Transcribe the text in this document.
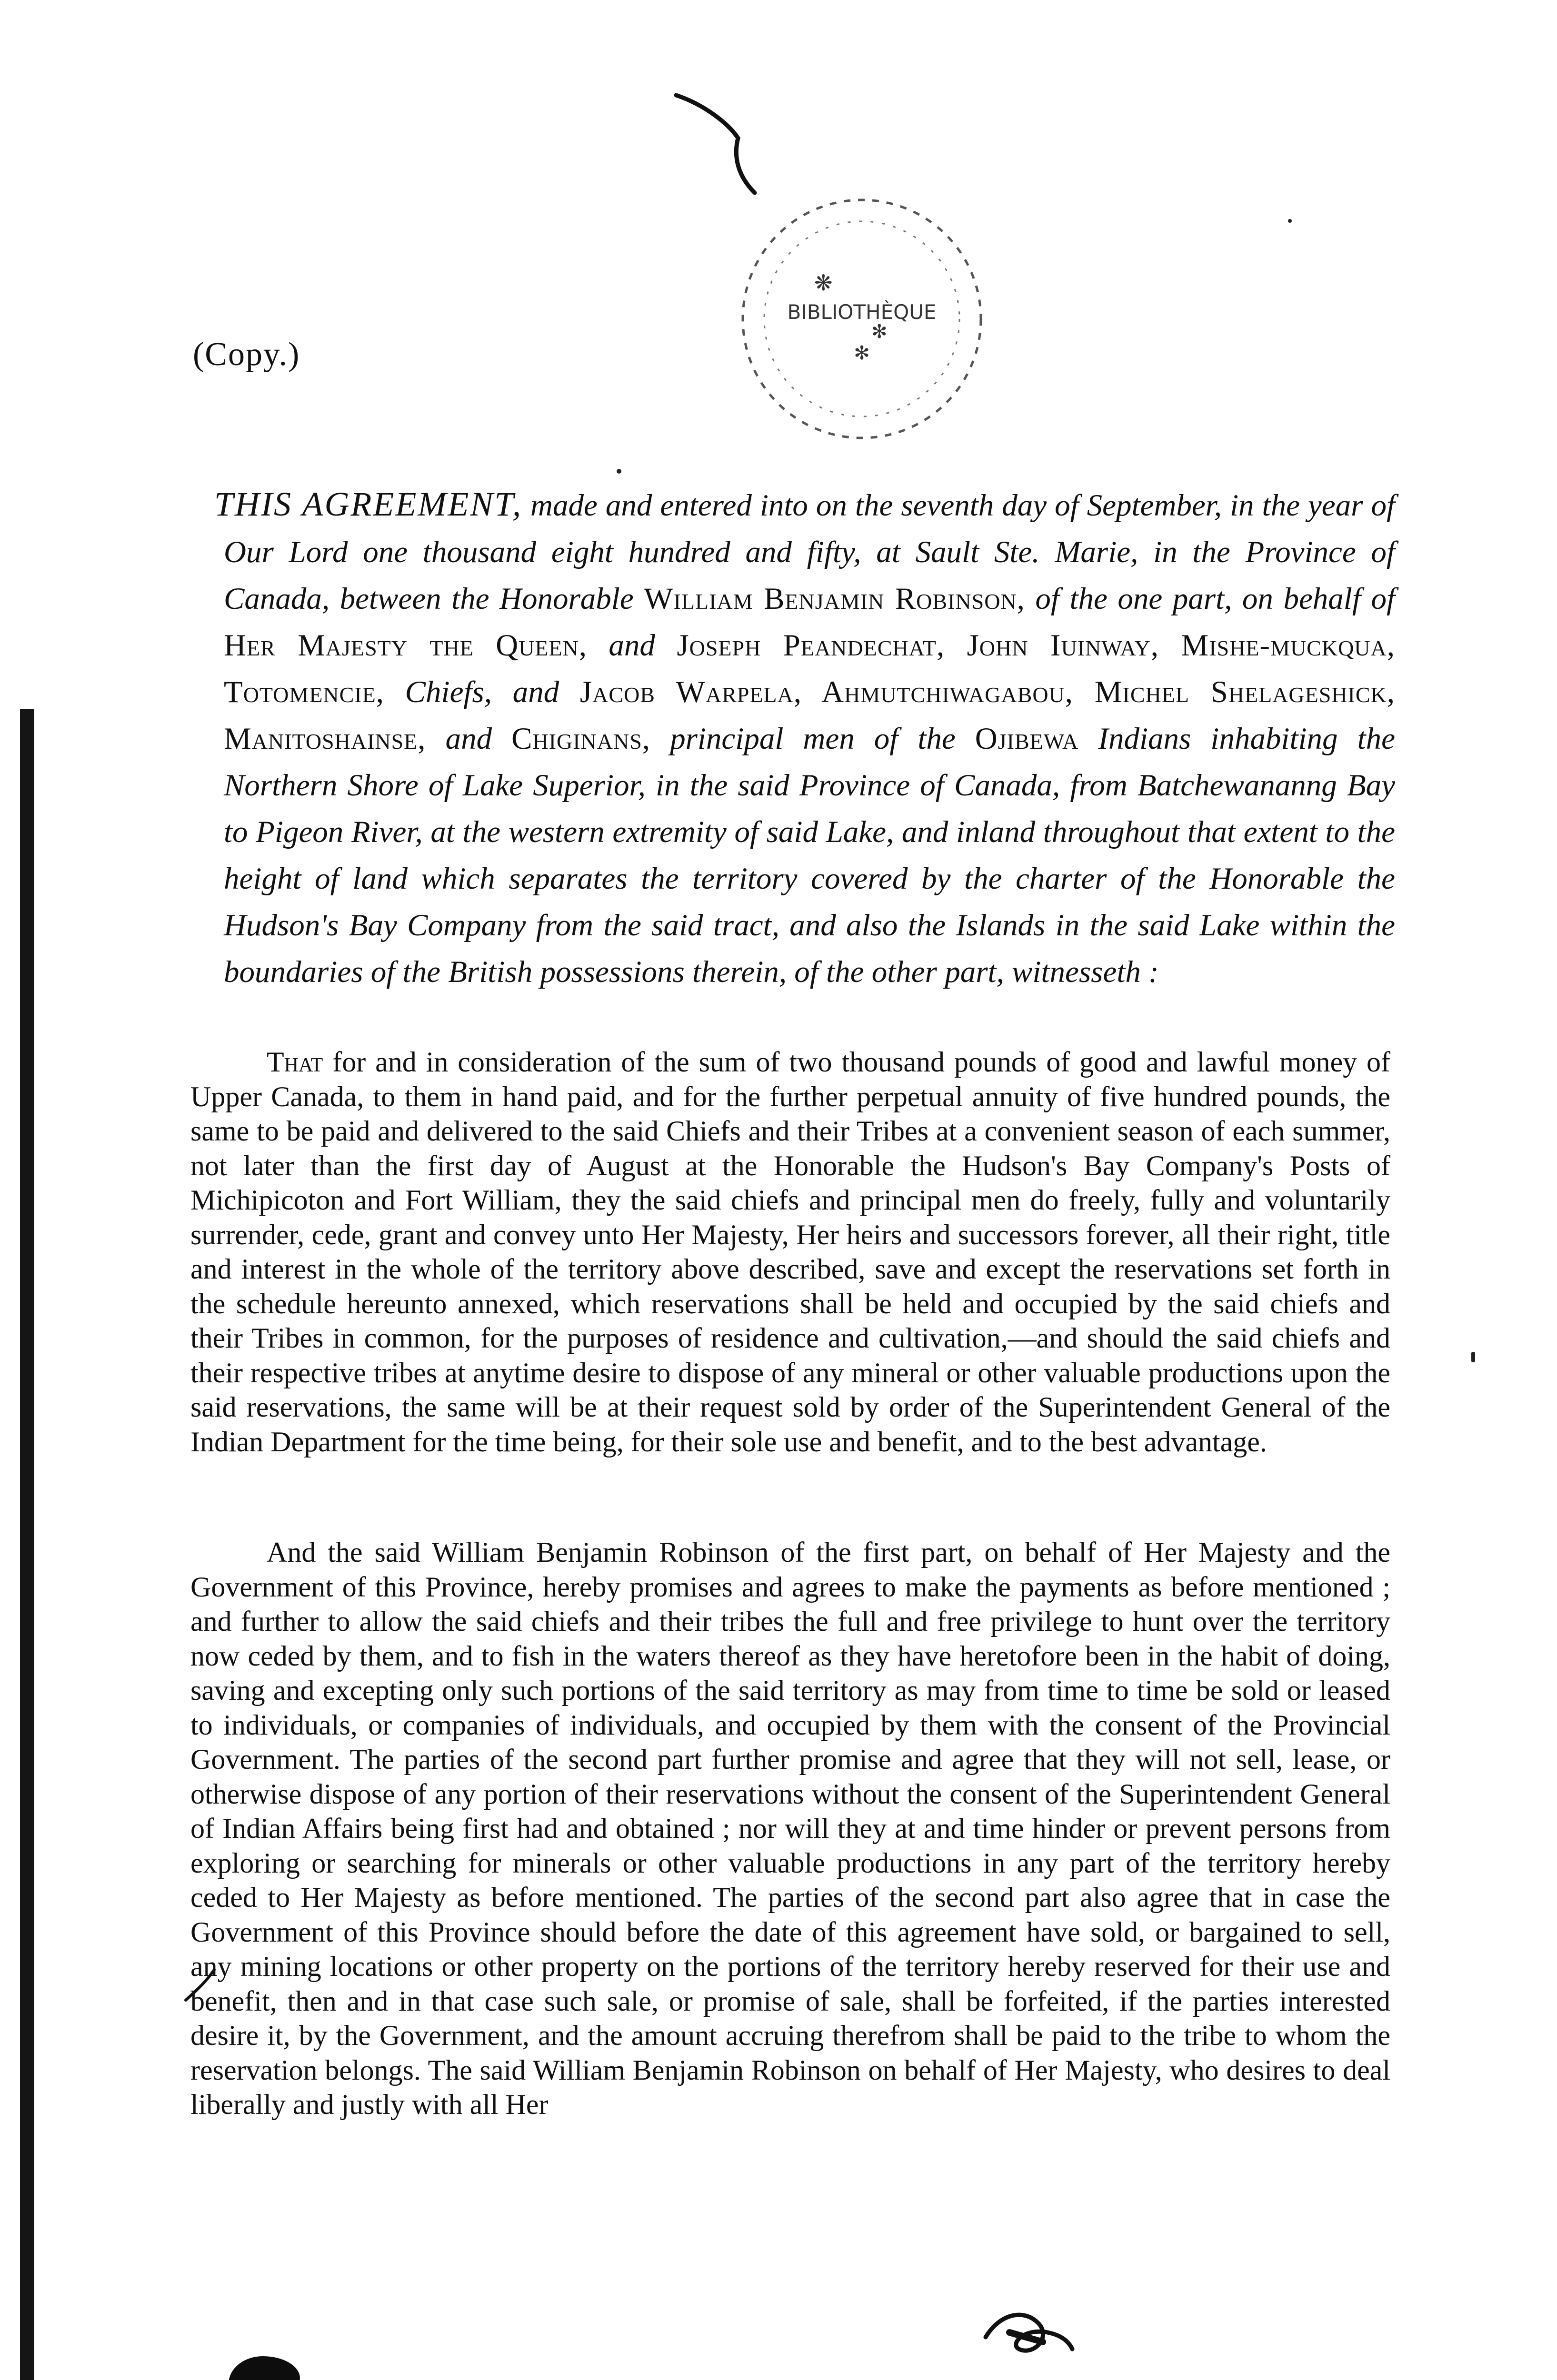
(Copy.)
❋
✻
BIBLIOTHÈQUE
✻
THIS AGREEMENT, made and entered into on the seventh day of September, in the year of Our Lord one thousand eight hundred and fifty, at Sault Ste. Marie, in the Province of Canada, between the Honorable William Benjamin Robinson, of the one part, on behalf of Her Majesty the Queen, and Joseph Peandechat, John Iuinway, Mishe-muckqua, Totomencie, Chiefs, and Jacob Warpela, Ahmutchiwagabou, Michel Shelageshick, Manitoshainse, and Chiginans, principal men of the Ojibewa Indians inhabiting the Northern Shore of Lake Superior, in the said Province of Canada, from Batchewananng Bay to Pigeon River, at the western extremity of said Lake, and inland throughout that extent to the height of land which separates the territory covered by the charter of the Honorable the Hudson's Bay Company from the said tract, and also the Islands in the said Lake within the boundaries of the British possessions therein, of the other part, witnesseth :

That for and in consideration of the sum of two thousand pounds of good and lawful money of Upper Canada, to them in hand paid, and for the further perpetual annuity of five hundred pounds, the same to be paid and delivered to the said Chiefs and their Tribes at a convenient season of each summer, not later than the first day of August at the Honorable the Hudson's Bay Company's Posts of Michipicoton and Fort William, they the said chiefs and principal men do freely, fully and voluntarily surrender, cede, grant and convey unto Her Majesty, Her heirs and successors forever, all their right, title and interest in the whole of the territory above described, save and except the reservations set forth in the schedule hereunto annexed, which reservations shall be held and occupied by the said chiefs and their Tribes in common, for the purposes of residence and cultivation,—and should the said chiefs and their respective tribes at anytime desire to dispose of any mineral or other valuable productions upon the said reservations, the same will be at their request sold by order of the Superintendent General of the Indian Department for the time being, for their sole use and benefit, and to the best advantage.

And the said William Benjamin Robinson of the first part, on behalf of Her Majesty and the Government of this Province, hereby promises and agrees to make the payments as before mentioned ; and further to allow the said chiefs and their tribes the full and free privilege to hunt over the territory now ceded by them, and to fish in the waters thereof as they have heretofore been in the habit of doing, saving and excepting only such portions of the said territory as may from time to time be sold or leased to individuals, or companies of individuals, and occupied by them with the consent of the Provincial Government. The parties of the second part further promise and agree that they will not sell, lease, or otherwise dispose of any portion of their reservations without the consent of the Superintendent General of Indian Affairs being first had and obtained ; nor will they at and time hinder or prevent persons from exploring or searching for minerals or other valuable productions in any part of the territory hereby ceded to Her Majesty as before mentioned. The parties of the second part also agree that in case the Government of this Province should before the date of this agreement have sold, or bargained to sell, any mining locations or other property on the portions of the territory hereby reserved for their use and benefit, then and in that case such sale, or promise of sale, shall be forfeited, if the parties interested desire it, by the Government, and the amount accruing therefrom shall be paid to the tribe to whom the reservation belongs. The said William Benjamin Robinson on behalf of Her Majesty, who desires to deal liberally and justly with all Her
